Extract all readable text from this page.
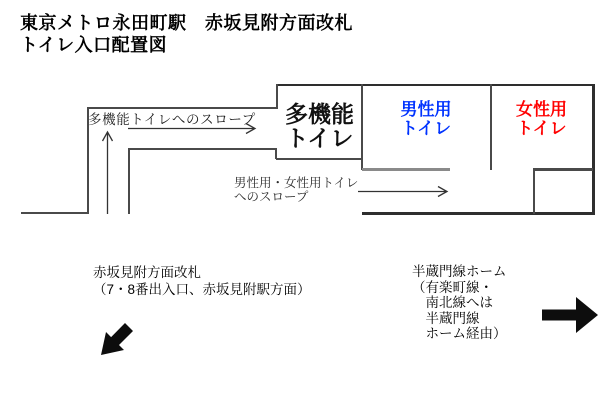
東京メトロ永田町駅　赤坂見附方面改札
トイレ入口配置図
多機能
トイレ
男性用
トイレ
女性用
トイレ
多機能トイレへのスロープ
男性用・女性用トイレ
へのスロープ
赤坂見附方面改札
（7・8番出入口、赤坂見附駅方面）
半蔵門線ホーム
（有楽町線・
　南北線へは
　半蔵門線
　ホーム経由）
